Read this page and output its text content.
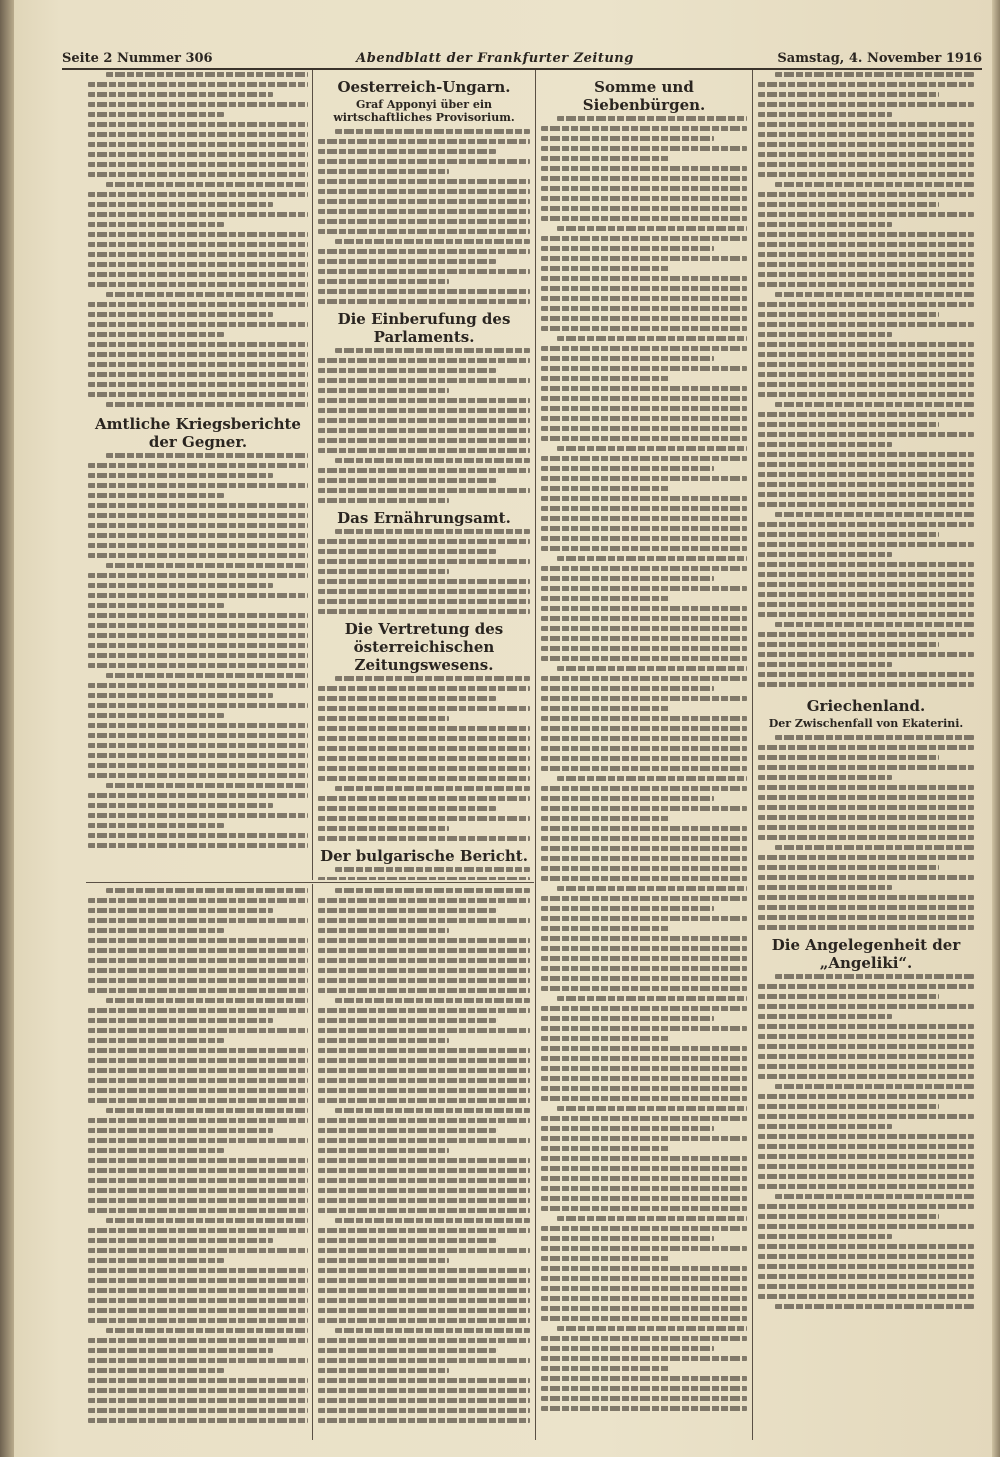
Seite 2 Nummer 306	Abendblatt der Frankfurter Zeitung	Samstag, 4. November 1916
Amtliche Kriegsberichte der Gegner.
Oesterreich-Ungarn.
Graf Apponyi über ein wirtschaftliches Provisorium.
Die Einberufung des Parlaments.
Das Ernährungsamt.
Die Vertretung des österreichischen Zeitungswesens.
Der bulgarische Bericht.
Somme und Siebenbürgen.
Griechenland.
Der Zwischenfall von Ekaterini.
Die Angelegenheit der „Angeliki“.
